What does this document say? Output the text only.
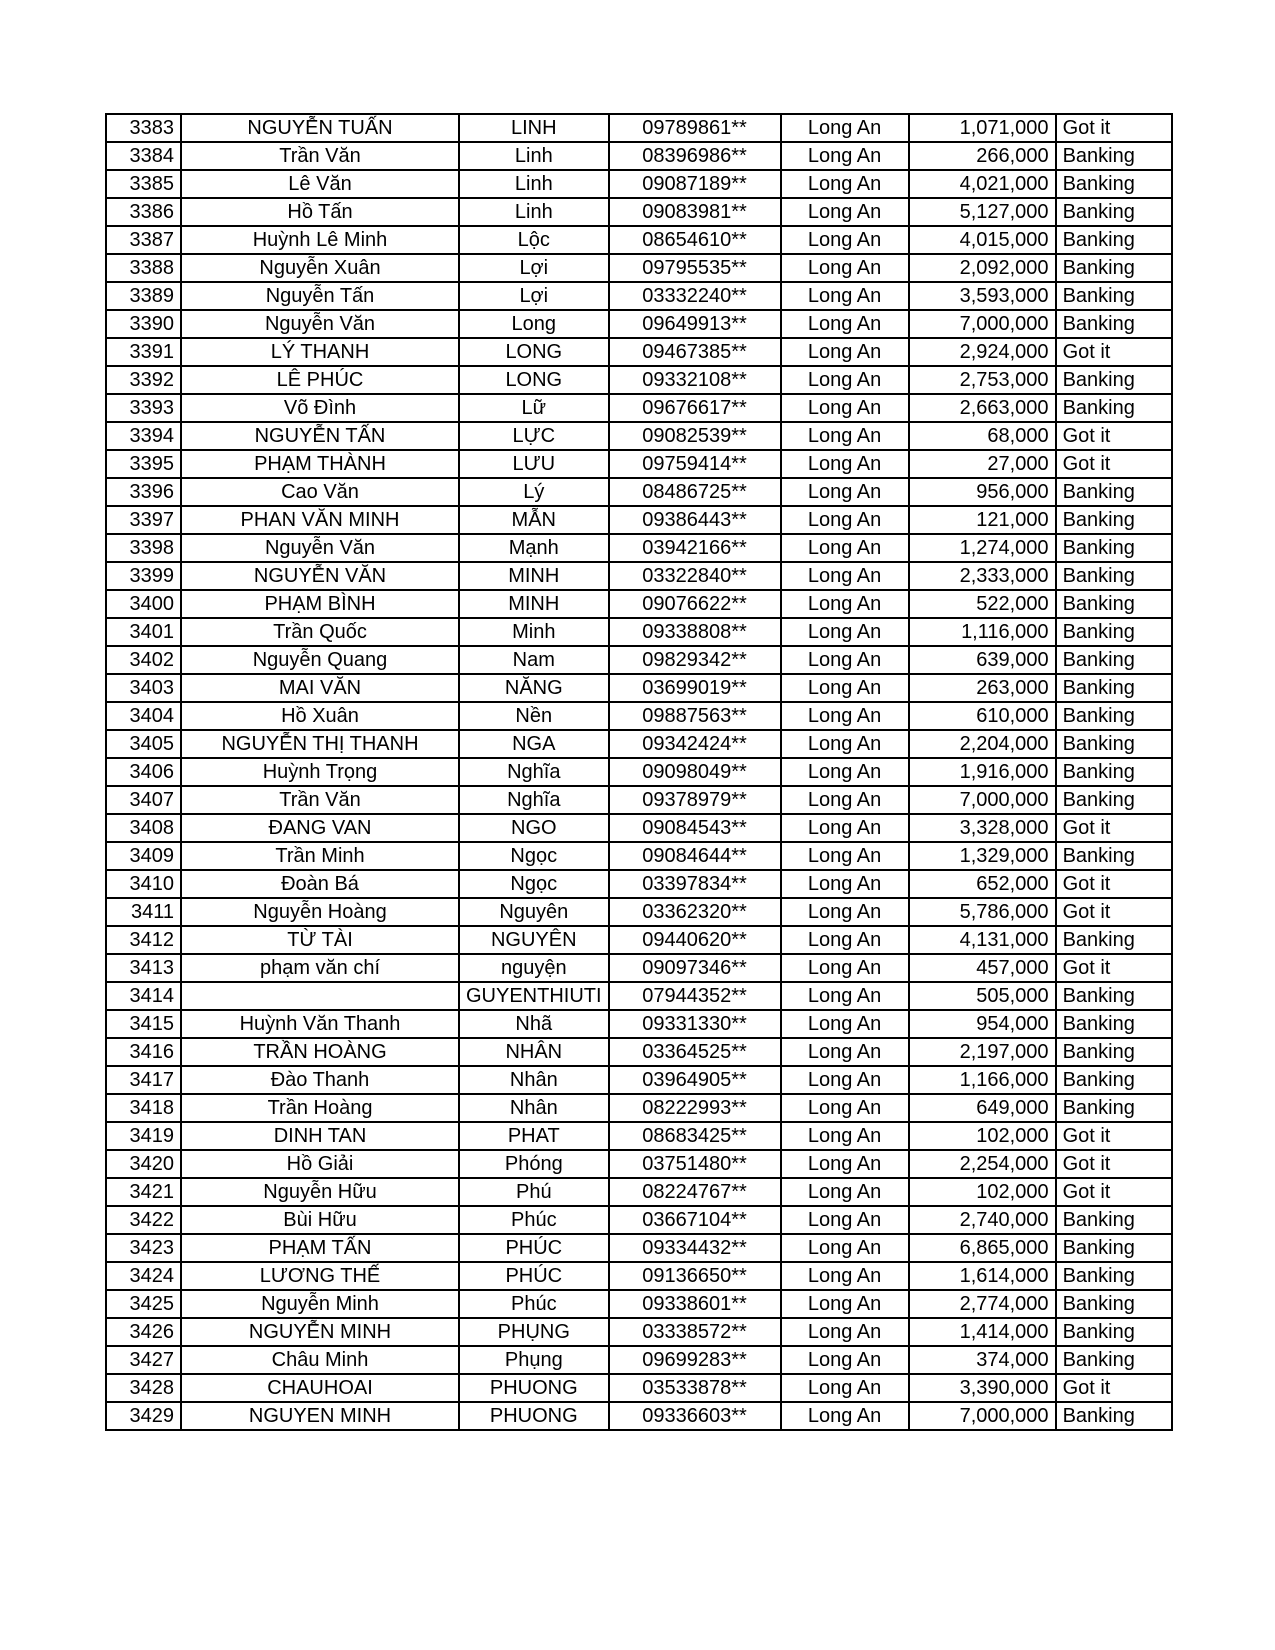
3383	NGUYỄN TUẤN	LINH	09789861**	Long An	1,071,000	Got it
3384	Trần Văn	Linh	08396986**	Long An	266,000	Banking
3385	Lê Văn	Linh	09087189**	Long An	4,021,000	Banking
3386	Hồ Tấn	Linh	09083981**	Long An	5,127,000	Banking
3387	Huỳnh Lê Minh	Lộc	08654610**	Long An	4,015,000	Banking
3388	Nguyễn Xuân	Lợi	09795535**	Long An	2,092,000	Banking
3389	Nguyễn Tấn	Lợi	03332240**	Long An	3,593,000	Banking
3390	Nguyễn Văn	Long	09649913**	Long An	7,000,000	Banking
3391	LÝ THANH	LONG	09467385**	Long An	2,924,000	Got it
3392	LÊ PHÚC	LONG	09332108**	Long An	2,753,000	Banking
3393	Võ Đình	Lữ	09676617**	Long An	2,663,000	Banking
3394	NGUYỄN TẤN	LỰC	09082539**	Long An	68,000	Got it
3395	PHẠM THÀNH	LƯU	09759414**	Long An	27,000	Got it
3396	Cao Văn	Lý	08486725**	Long An	956,000	Banking
3397	PHAN VĂN MINH	MẪN	09386443**	Long An	121,000	Banking
3398	Nguyễn Văn	Mạnh	03942166**	Long An	1,274,000	Banking
3399	NGUYỄN VĂN	MINH	03322840**	Long An	2,333,000	Banking
3400	PHẠM BÌNH	MINH	09076622**	Long An	522,000	Banking
3401	Trần Quốc	Minh	09338808**	Long An	1,116,000	Banking
3402	Nguyễn Quang	Nam	09829342**	Long An	639,000	Banking
3403	MAI VĂN	NĂNG	03699019**	Long An	263,000	Banking
3404	Hồ Xuân	Nền	09887563**	Long An	610,000	Banking
3405	NGUYỄN THỊ THANH	NGA	09342424**	Long An	2,204,000	Banking
3406	Huỳnh Trọng	Nghĩa	09098049**	Long An	1,916,000	Banking
3407	Trần Văn	Nghĩa	09378979**	Long An	7,000,000	Banking
3408	ĐANG VAN	NGO	09084543**	Long An	3,328,000	Got it
3409	Trần Minh	Ngọc	09084644**	Long An	1,329,000	Banking
3410	Đoàn Bá	Ngọc	03397834**	Long An	652,000	Got it
3411	Nguyễn Hoàng	Nguyên	03362320**	Long An	5,786,000	Got it
3412	TỪ TÀI	NGUYÊN	09440620**	Long An	4,131,000	Banking
3413	phạm văn chí	nguyện	09097346**	Long An	457,000	Got it
3414		GUYENTHIUTI	07944352**	Long An	505,000	Banking
3415	Huỳnh Văn Thanh	Nhã	09331330**	Long An	954,000	Banking
3416	TRẦN HOÀNG	NHÂN	03364525**	Long An	2,197,000	Banking
3417	Đào Thanh	Nhân	03964905**	Long An	1,166,000	Banking
3418	Trần Hoàng	Nhân	08222993**	Long An	649,000	Banking
3419	DINH TAN	PHAT	08683425**	Long An	102,000	Got it
3420	Hồ Giải	Phóng	03751480**	Long An	2,254,000	Got it
3421	Nguyễn Hữu	Phú	08224767**	Long An	102,000	Got it
3422	Bùi Hữu	Phúc	03667104**	Long An	2,740,000	Banking
3423	PHẠM TẤN	PHÚC	09334432**	Long An	6,865,000	Banking
3424	LƯƠNG THẾ	PHÚC	09136650**	Long An	1,614,000	Banking
3425	Nguyễn Minh	Phúc	09338601**	Long An	2,774,000	Banking
3426	NGUYỄN MINH	PHỤNG	03338572**	Long An	1,414,000	Banking
3427	Châu Minh	Phụng	09699283**	Long An	374,000	Banking
3428	CHAUHOAI	PHUONG	03533878**	Long An	3,390,000	Got it
3429	NGUYEN MINH	PHUONG	09336603**	Long An	7,000,000	Banking
